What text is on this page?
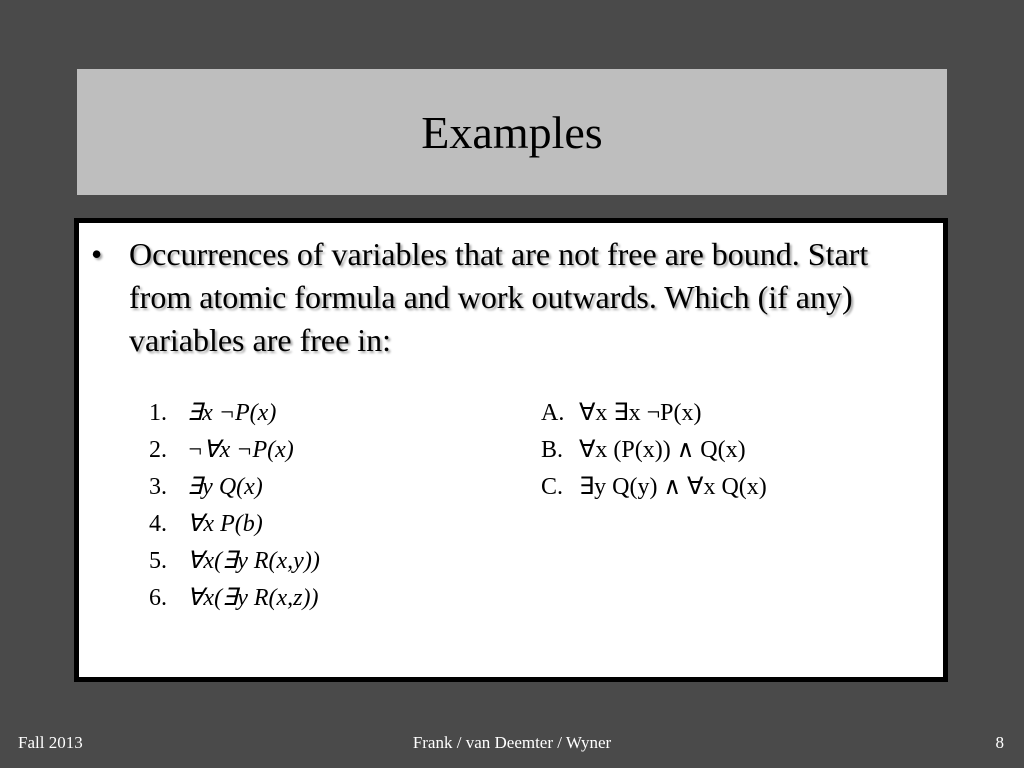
Examples
• Occurrences of variables that are not free are bound. Start from atomic formula and work outwards. Which (if any) variables are free in:
1. ∃x ¬P(x)
2. ¬∀x ¬P(x)
3. ∃y Q(x)
4. ∀x P(b)
5. ∀x(∃y R(x,y))
6. ∀x(∃y R(x,z))
A. ∀x ∃x ¬P(x)
B. ∀x (P(x)) ∧ Q(x)
C. ∃y Q(y) ∧ ∀x Q(x)
Fall 2013	Frank / van Deemter / Wyner	8
